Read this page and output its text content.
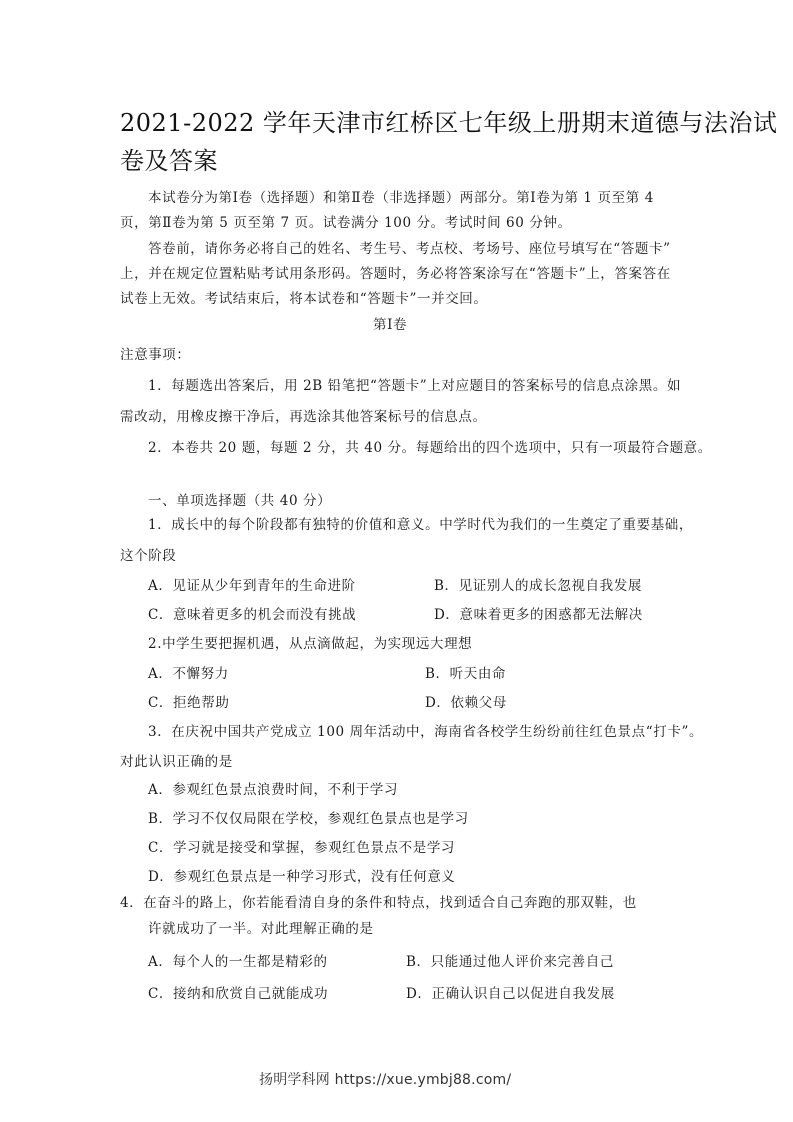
2021-2022 学年天津市红桥区七年级上册期末道德与法治试
卷及答案
本试卷分为第Ⅰ卷（选择题）和第Ⅱ卷（非选择题）两部分。第Ⅰ卷为第 1 页至第 4
页，第Ⅱ卷为第 5 页至第 7 页。试卷满分 100 分。考试时间 60 分钟。
答卷前，请你务必将自己的姓名、考生号、考点校、考场号、座位号填写在“答题卡”
上，并在规定位置粘贴考试用条形码。答题时，务必将答案涂写在“答题卡”上，答案答在
试卷上无效。考试结束后，将本试卷和“答题卡”一并交回。
第Ⅰ卷
注意事项：
1．每题选出答案后，用 2B 铅笔把“答题卡”上对应题目的答案标号的信息点涂黑。如
需改动，用橡皮擦干净后，再选涂其他答案标号的信息点。
2．本卷共 20 题，每题 2 分，共 40 分。每题给出的四个选项中，只有一项最符合题意。
一、单项选择题（共 40 分）
1．成长中的每个阶段都有独特的价值和意义。中学时代为我们的一生奠定了重要基础，
这个阶段
A．见证从少年到青年的生命进阶	B．见证别人的成长忽视自我发展
C．意味着更多的机会而没有挑战	D．意味着更多的困惑都无法解决
2.中学生要把握机遇，从点滴做起，为实现远大理想
A．不懈努力	B．听天由命
C．拒绝帮助	D．依赖父母
3．在庆祝中国共产党成立 100 周年活动中，海南省各校学生纷纷前往红色景点“打卡”。
对此认识正确的是
A．参观红色景点浪费时间，不利于学习
B．学习不仅仅局限在学校，参观红色景点也是学习
C．学习就是接受和掌握，参观红色景点不是学习
D．参观红色景点是一种学习形式，没有任何意义
4．在奋斗的路上，你若能看清自身的条件和特点，找到适合自己奔跑的那双鞋，也
许就成功了一半。对此理解正确的是
A．每个人的一生都是精彩的	B．只能通过他人评价来完善自己
C．接纳和欣赏自己就能成功	D．正确认识自己以促进自我发展
扬明学科网 https://xue.ymbj88.com/
